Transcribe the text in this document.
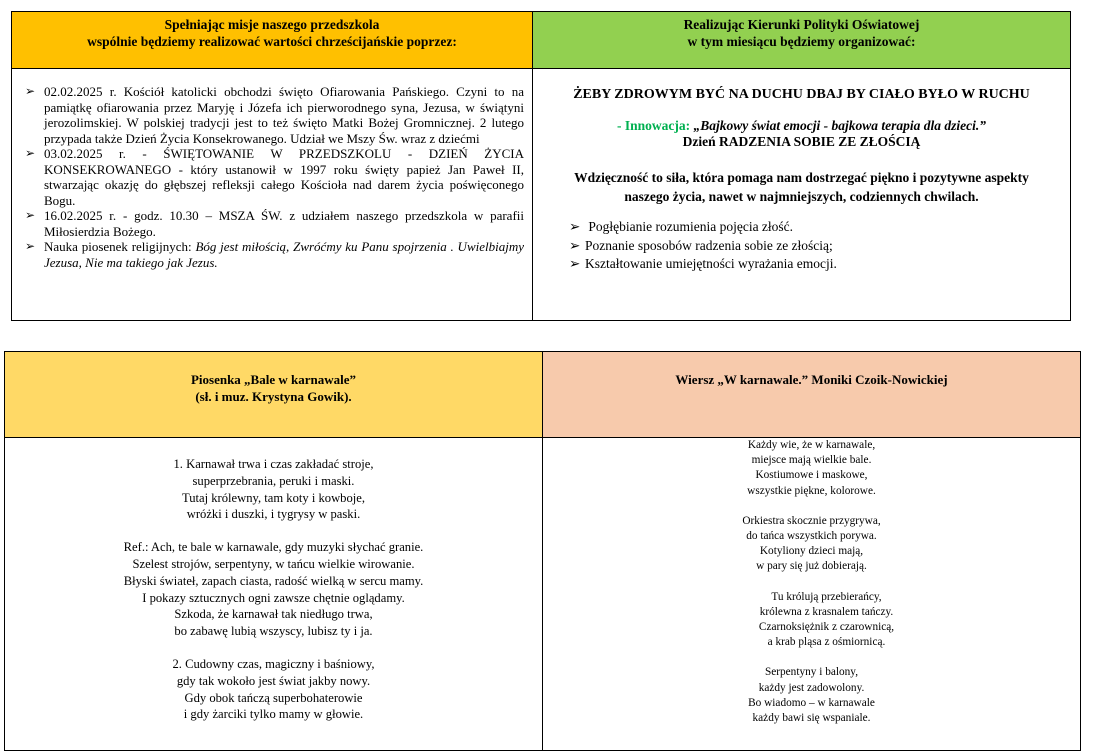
Spełniając misje naszego przedszkola
wspólnie będziemy realizować wartości chrześcijańskie poprzez:
Realizując Kierunki Polityki Oświatowej
w tym miesiącu będziemy organizować:
➢ 02.02.2025 r. Kościół katolicki obchodzi święto Ofiarowania Pańskiego. Czyni to na pamiątkę ofiarowania przez Maryję i Józefa ich pierworodnego syna, Jezusa, w świątyni jerozolimskiej. W polskiej tradycji jest to też święto Matki Bożej Gromnicznej. 2 lutego przypada także Dzień Życia Konsekrowanego. Udział we Mszy Św. wraz z dziećmi
➢ 03.02.2025 r. - ŚWIĘTOWANIE W PRZEDSZKOLU - DZIEŃ ŻYCIA KONSEKROWANEGO - który ustanowił w 1997 roku święty papież Jan Paweł II, stwarzając okazję do głębszej refleksji całego Kościoła nad darem życia poświęconego Bogu.
➢ 16.02.2025 r. - godz. 10.30 – MSZA ŚW. z udziałem naszego przedszkola w parafii Miłosierdzia Bożego.
➢ Nauka piosenek religijnych: Bóg jest miłością, Zwróćmy ku Panu spojrzenia . Uwielbiajmy Jezusa, Nie ma takiego jak Jezus.
ŻEBY ZDROWYM BYĆ NA DUCHU DBAJ BY CIAŁO BYŁO W RUCHU
- Innowacja: „Bajkowy świat emocji - bajkowa terapia dla dzieci.”
Dzień RADZENIA SOBIE ZE ZŁOŚCIĄ
Wdzięczność to siła, która pomaga nam dostrzegać piękno i pozytywne aspekty naszego życia, nawet w najmniejszych, codziennych chwilach.
➢ Pogłębianie rozumienia pojęcia złość.
➢ Poznanie sposobów radzenia sobie ze złością;
➢ Kształtowanie umiejętności wyrażania emocji.
Piosenka „Bale w karnawale”
(sł. i muz. Krystyna Gowik).
Wiersz „W karnawale.” Moniki Czoik-Nowickiej
1. Karnawał trwa i czas zakładać stroje,
superprzebrania, peruki i maski.
Tutaj królewny, tam koty i kowboje,
wróżki i duszki, i tygrysy w paski.
Ref.: Ach, te bale w karnawale, gdy muzyki słychać granie.
Szelest strojów, serpentyny, w tańcu wielkie wirowanie.
Błyski świateł, zapach ciasta, radość wielką w sercu mamy.
I pokazy sztucznych ogni zawsze chętnie oglądamy.
Szkoda, że karnawał tak niedługo trwa,
bo zabawę lubią wszyscy, lubisz ty i ja.
2. Cudowny czas, magiczny i baśniowy,
gdy tak wokoło jest świat jakby nowy.
Gdy obok tańczą superbohaterowie
i gdy żarciki tylko mamy w głowie.
Każdy wie, że w karnawale,
miejsce mają wielkie bale.
Kostiumowe i maskowe,
wszystkie piękne, kolorowe.
Orkiestra skocznie przygrywa,
do tańca wszystkich porywa.
Kotyliony dzieci mają,
w pary się już dobierają.
Tu królują przebierańcy,
królewna z krasnalem tańczy.
Czarnoksiężnik z czarownicą,
a krab pląsa z ośmiornicą.
Serpentyny i balony,
każdy jest zadowolony.
Bo wiadomo – w karnawale
każdy bawi się wspaniale.
